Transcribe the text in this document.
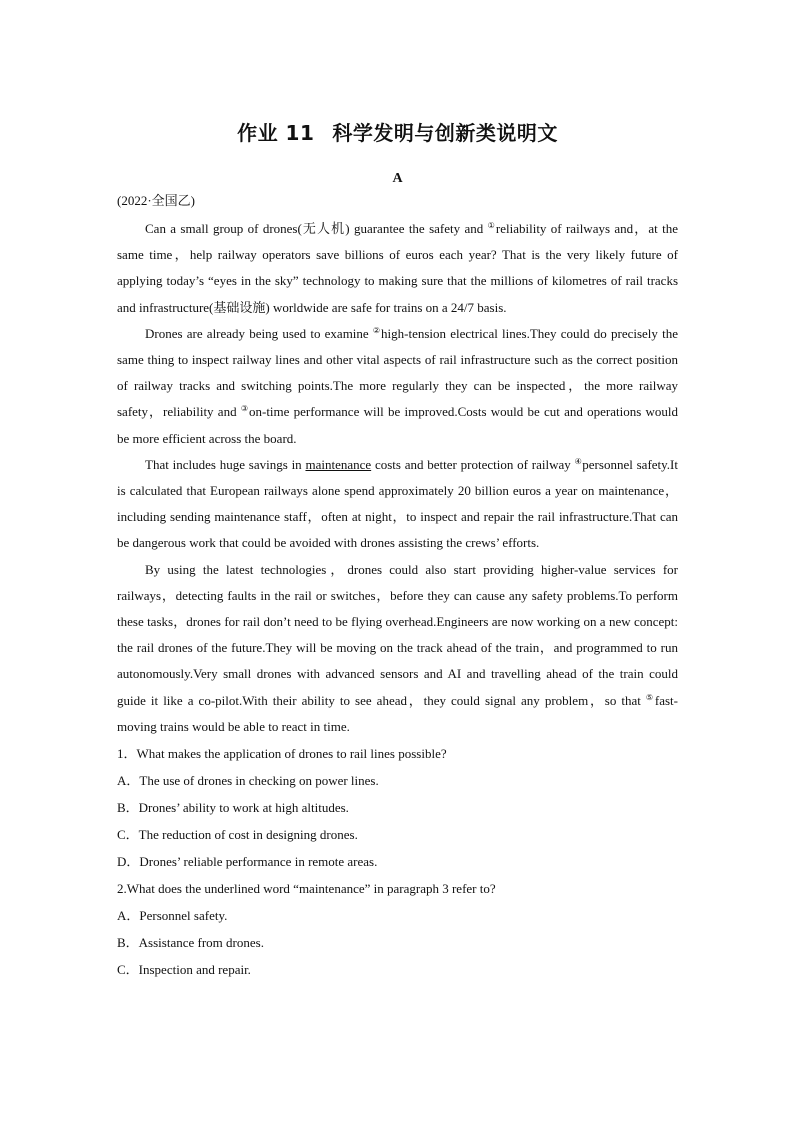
作业 11 科学发明与创新类说明文
A
(2022·全国乙)

Can a small group of drones(无人机) guarantee the safety and ①reliability of railways and，at the same time，help railway operators save billions of euros each year? That is the very likely future of applying today’s “eyes in the sky” technology to making sure that the millions of kilometres of rail tracks and infrastructure(基础设施) worldwide are safe for trains on a 24/7 basis.

Drones are already being used to examine ②high-tension electrical lines.They could do precisely the same thing to inspect railway lines and other vital aspects of rail infrastructure such as the correct position of railway tracks and switching points.The more regularly they can be inspected，the more railway safety，reliability and ③on-time performance will be improved.Costs would be cut and operations would be more efficient across the board.

That includes huge savings in maintenance costs and better protection of railway ④personnel safety.It is calculated that European railways alone spend approximately 20 billion euros a year on maintenance，including sending maintenance staff，often at night，to inspect and repair the rail infrastructure.That can be dangerous work that could be avoided with drones assisting the crews’ efforts.

By using the latest technologies，drones could also start providing higher-value services for railways，detecting faults in the rail or switches，before they can cause any safety problems.To perform these tasks，drones for rail don’t need to be flying overhead.Engineers are now working on a new concept: the rail drones of the future.They will be moving on the track ahead of the train，and programmed to run autonomously.Very small drones with advanced sensors and AI and travelling ahead of the train could guide it like a co-pilot.With their ability to see ahead，they could signal any problem，so that ⑤fast-moving trains would be able to react in time.

1．What makes the application of drones to rail lines possible?

A．The use of drones in checking on power lines.

B．Drones’ ability to work at high altitudes.

C．The reduction of cost in designing drones.

D．Drones’ reliable performance in remote areas.

2.What does the underlined word “maintenance” in paragraph 3 refer to?

A．Personnel safety.

B．Assistance from drones.

C．Inspection and repair.
